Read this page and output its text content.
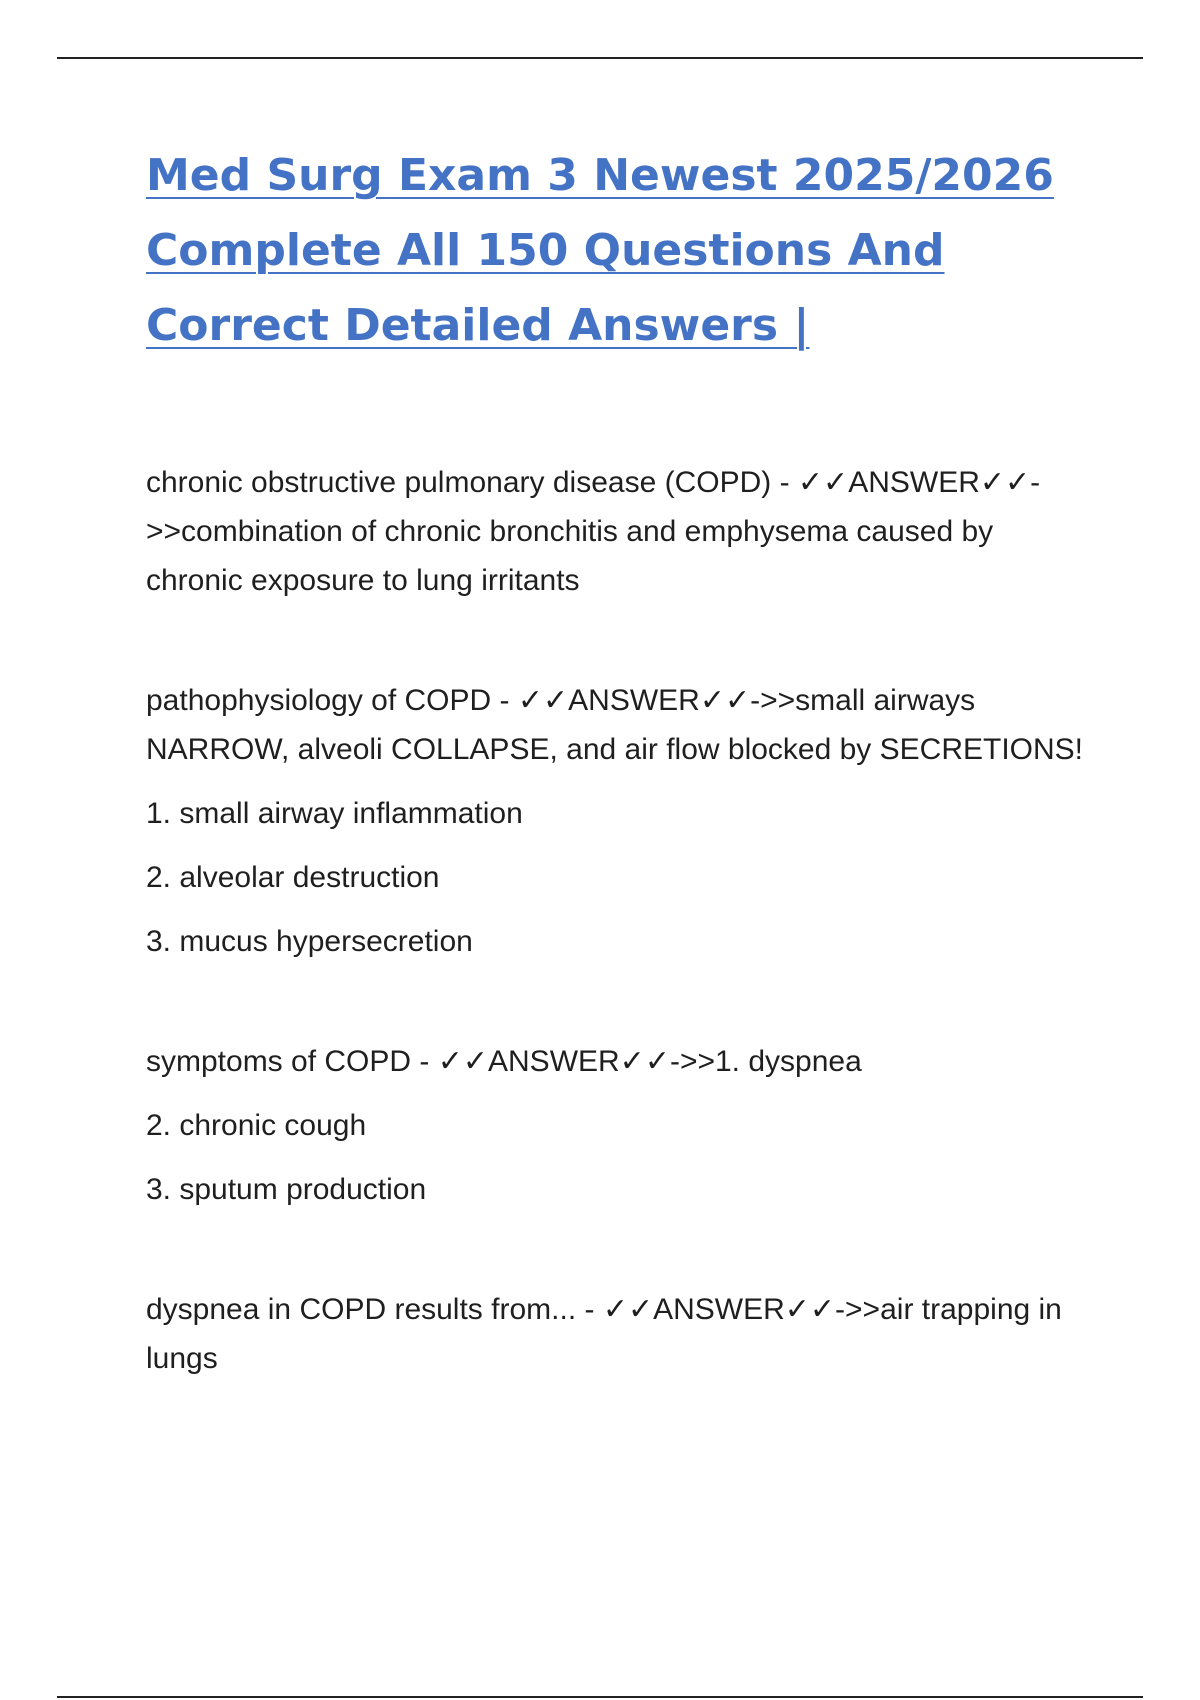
Med Surg Exam 3 Newest 2025/2026
Complete All 150 Questions And
Correct Detailed Answers |

chronic obstructive pulmonary disease (COPD) - ✓✓ANSWER✓✓->>combination of chronic bronchitis and emphysema caused by chronic exposure to lung irritants

pathophysiology of COPD - ✓✓ANSWER✓✓->>small airways NARROW, alveoli COLLAPSE, and air flow blocked by SECRETIONS!

1. small airway inflammation

2. alveolar destruction

3. mucus hypersecretion

symptoms of COPD - ✓✓ANSWER✓✓->>1. dyspnea

2. chronic cough

3. sputum production

dyspnea in COPD results from... - ✓✓ANSWER✓✓->>air trapping in lungs
